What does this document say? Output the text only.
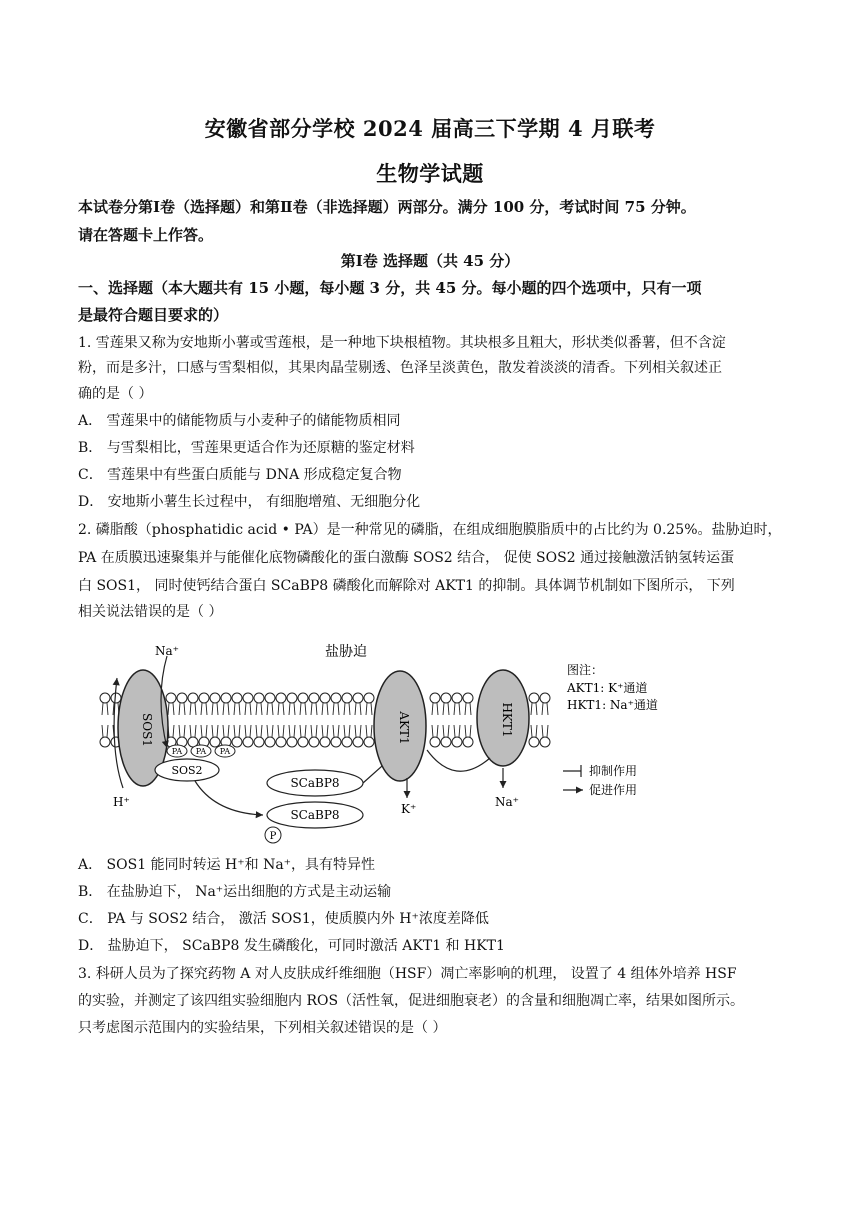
安徽省部分学校 2024 届高三下学期 4 月联考
生物学试题
本试卷分第Ⅰ卷（选择题）和第Ⅱ卷（非选择题）两部分。满分 100 分，考试时间 75 分钟。
请在答题卡上作答。
第Ⅰ卷 选择题（共 45 分）
一、选择题（本大题共有 15 小题，每小题 3 分，共 45 分。每小题的四个选项中，只有一项
是最符合题目要求的）
1. 雪莲果又称为安地斯小薯或雪莲根，是一种地下块根植物。其块根多且粗大，形状类似番薯，但不含淀
粉，而是多汁，口感与雪梨相似，其果肉晶莹剔透、色泽呈淡黄色，散发着淡淡的清香。下列相关叙述正
确的是（ ）
A． 雪莲果中的储能物质与小麦种子的储能物质相同
B． 与雪梨相比，雪莲果更适合作为还原糖的鉴定材料
C． 雪莲果中有些蛋白质能与 DNA 形成稳定复合物
D． 安地斯小薯生长过程中， 有细胞增殖、无细胞分化
2. 磷脂酸（phosphatidic acid • PA）是一种常见的磷脂，在组成细胞膜脂质中的占比约为 0.25%。盐胁迫时，
PA 在质膜迅速聚集并与能催化底物磷酸化的蛋白激酶 SOS2 结合， 促使 SOS2 通过接触激活钠氢转运蛋
白 SOS1， 同时使钙结合蛋白 SCaBP8 磷酸化而解除对 AKT1 的抑制。具体调节机制如下图所示， 下列
相关说法错误的是（ ）
盐胁迫
SOS1
Na⁺
H⁺
PA PA PA
SOS2
SCaBP8
SCaBP8
P
AKT1
K⁺
HKT1
Na⁺
图注：
AKT1: K⁺通道
HKT1: Na⁺通道
抑制作用
促进作用
A． SOS1 能同时转运 H⁺和 Na⁺，具有特异性
B． 在盐胁迫下， Na⁺运出细胞的方式是主动运输
C． PA 与 SOS2 结合， 激活 SOS1，使质膜内外 H⁺浓度差降低
D． 盐胁迫下， SCaBP8 发生磷酸化，可同时激活 AKT1 和 HKT1
3. 科研人员为了探究药物 A 对人皮肤成纤维细胞（HSF）凋亡率影响的机理， 设置了 4 组体外培养 HSF
的实验，并测定了该四组实验细胞内 ROS（活性氧，促进细胞衰老）的含量和细胞凋亡率，结果如图所示。
只考虑图示范围内的实验结果，下列相关叙述错误的是（ ）
